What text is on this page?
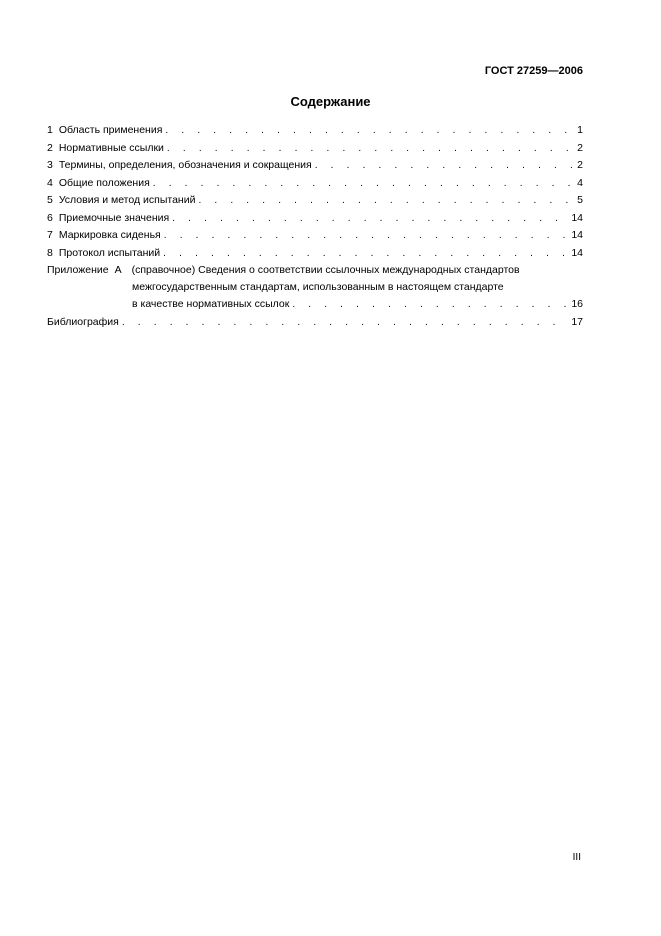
ГОСТ 27259—2006
Содержание
1 Область применения . . .	1
2 Нормативные ссылки . . .	2
3 Термины, определения, обозначения и сокращения . . .	2
4 Общие положения . . .	4
5 Условия и метод испытаний . . .	5
6 Приемочные значения . . .	14
7 Маркировка сиденья . . .	14
8 Протокол испытаний . . .	14
Приложение А (справочное) Сведения о соответствии ссылочных международных стандартов
межгосударственным стандартам, использованным в настоящем стандарте
в качестве нормативных ссылок . . .	16
Библиография . . .	17
III
